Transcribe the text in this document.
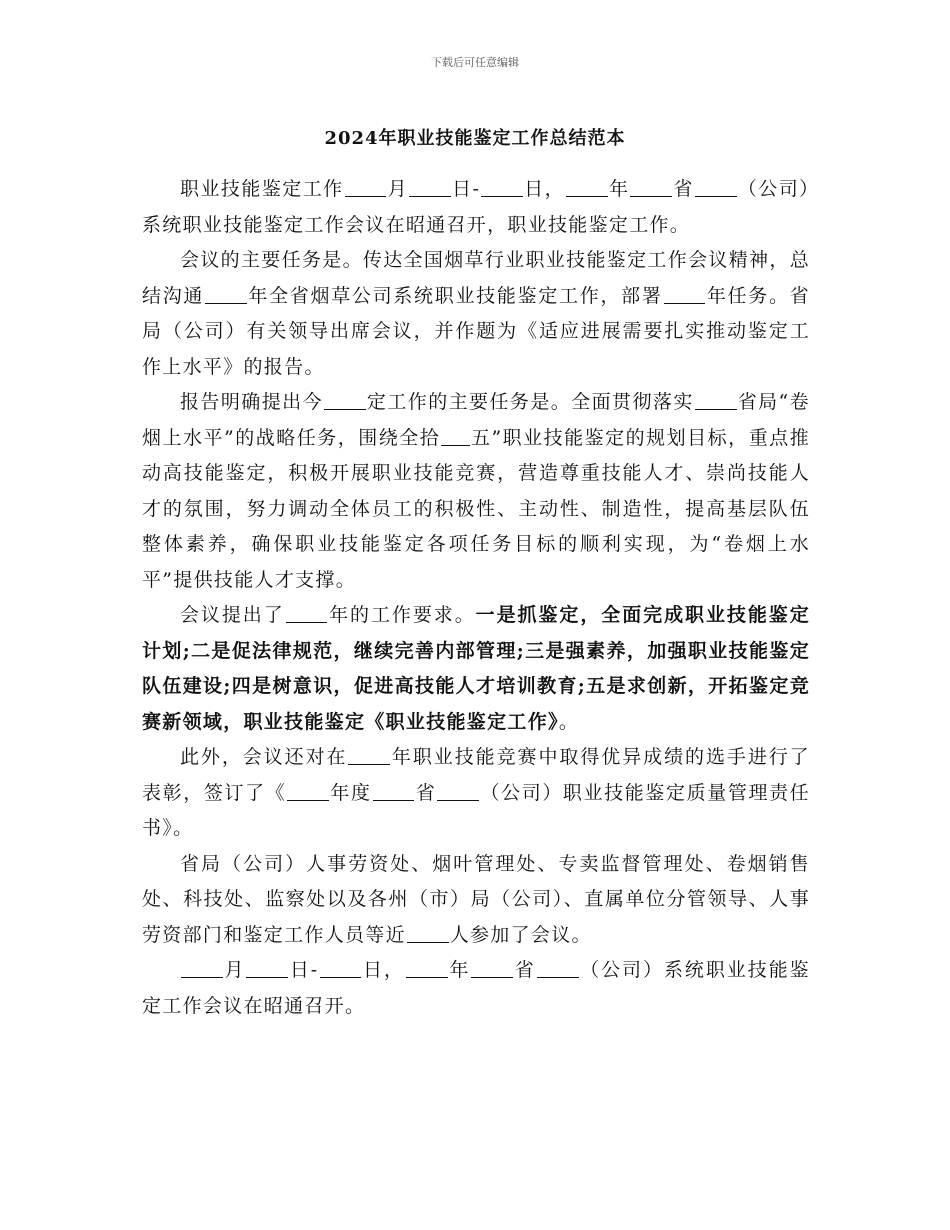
下载后可任意编辑
2024年职业技能鉴定工作总结范本

职业技能鉴定工作 月 日- 日， 年 省 （公司）系统职业技能鉴定工作会议在昭通召开，职业技能鉴定工作。

会议的主要任务是。传达全国烟草行业职业技能鉴定工作会议精神，总结沟通 年全省烟草公司系统职业技能鉴定工作，部署 年任务。省局（公司）有关领导出席会议，并作题为《适应进展需要扎实推动鉴定工作上水平》的报告。

报告明确提出今 定工作的主要任务是。全面贯彻落实 省局“卷烟上水平”的战略任务，围绕全拾 五”职业技能鉴定的规划目标，重点推动高技能鉴定，积极开展职业技能竞赛，营造尊重技能人才、崇尚技能人才的氛围，努力调动全体员工的积极性、主动性、制造性，提高基层队伍整体素养，确保职业技能鉴定各项任务目标的顺利实现，为“卷烟上水平”提供技能人才支撑。

会议提出了 年的工作要求。一是抓鉴定，全面完成职业技能鉴定计划;二是促法律规范，继续完善内部管理;三是强素养，加强职业技能鉴定队伍建设;四是树意识，促进高技能人才培训教育;五是求创新，开拓鉴定竞赛新领域，职业技能鉴定《职业技能鉴定工作》。

此外，会议还对在 年职业技能竞赛中取得优异成绩的选手进行了表彰，签订了《 年度 省 （公司）职业技能鉴定质量管理责任书》。

省局（公司）人事劳资处、烟叶管理处、专卖监督管理处、卷烟销售处、科技处、监察处以及各州（市）局（公司）、直属单位分管领导、人事劳资部门和鉴定工作人员等近 人参加了会议。

月 日- 日， 年 省 （公司）系统职业技能鉴定工作会议在昭通召开。
